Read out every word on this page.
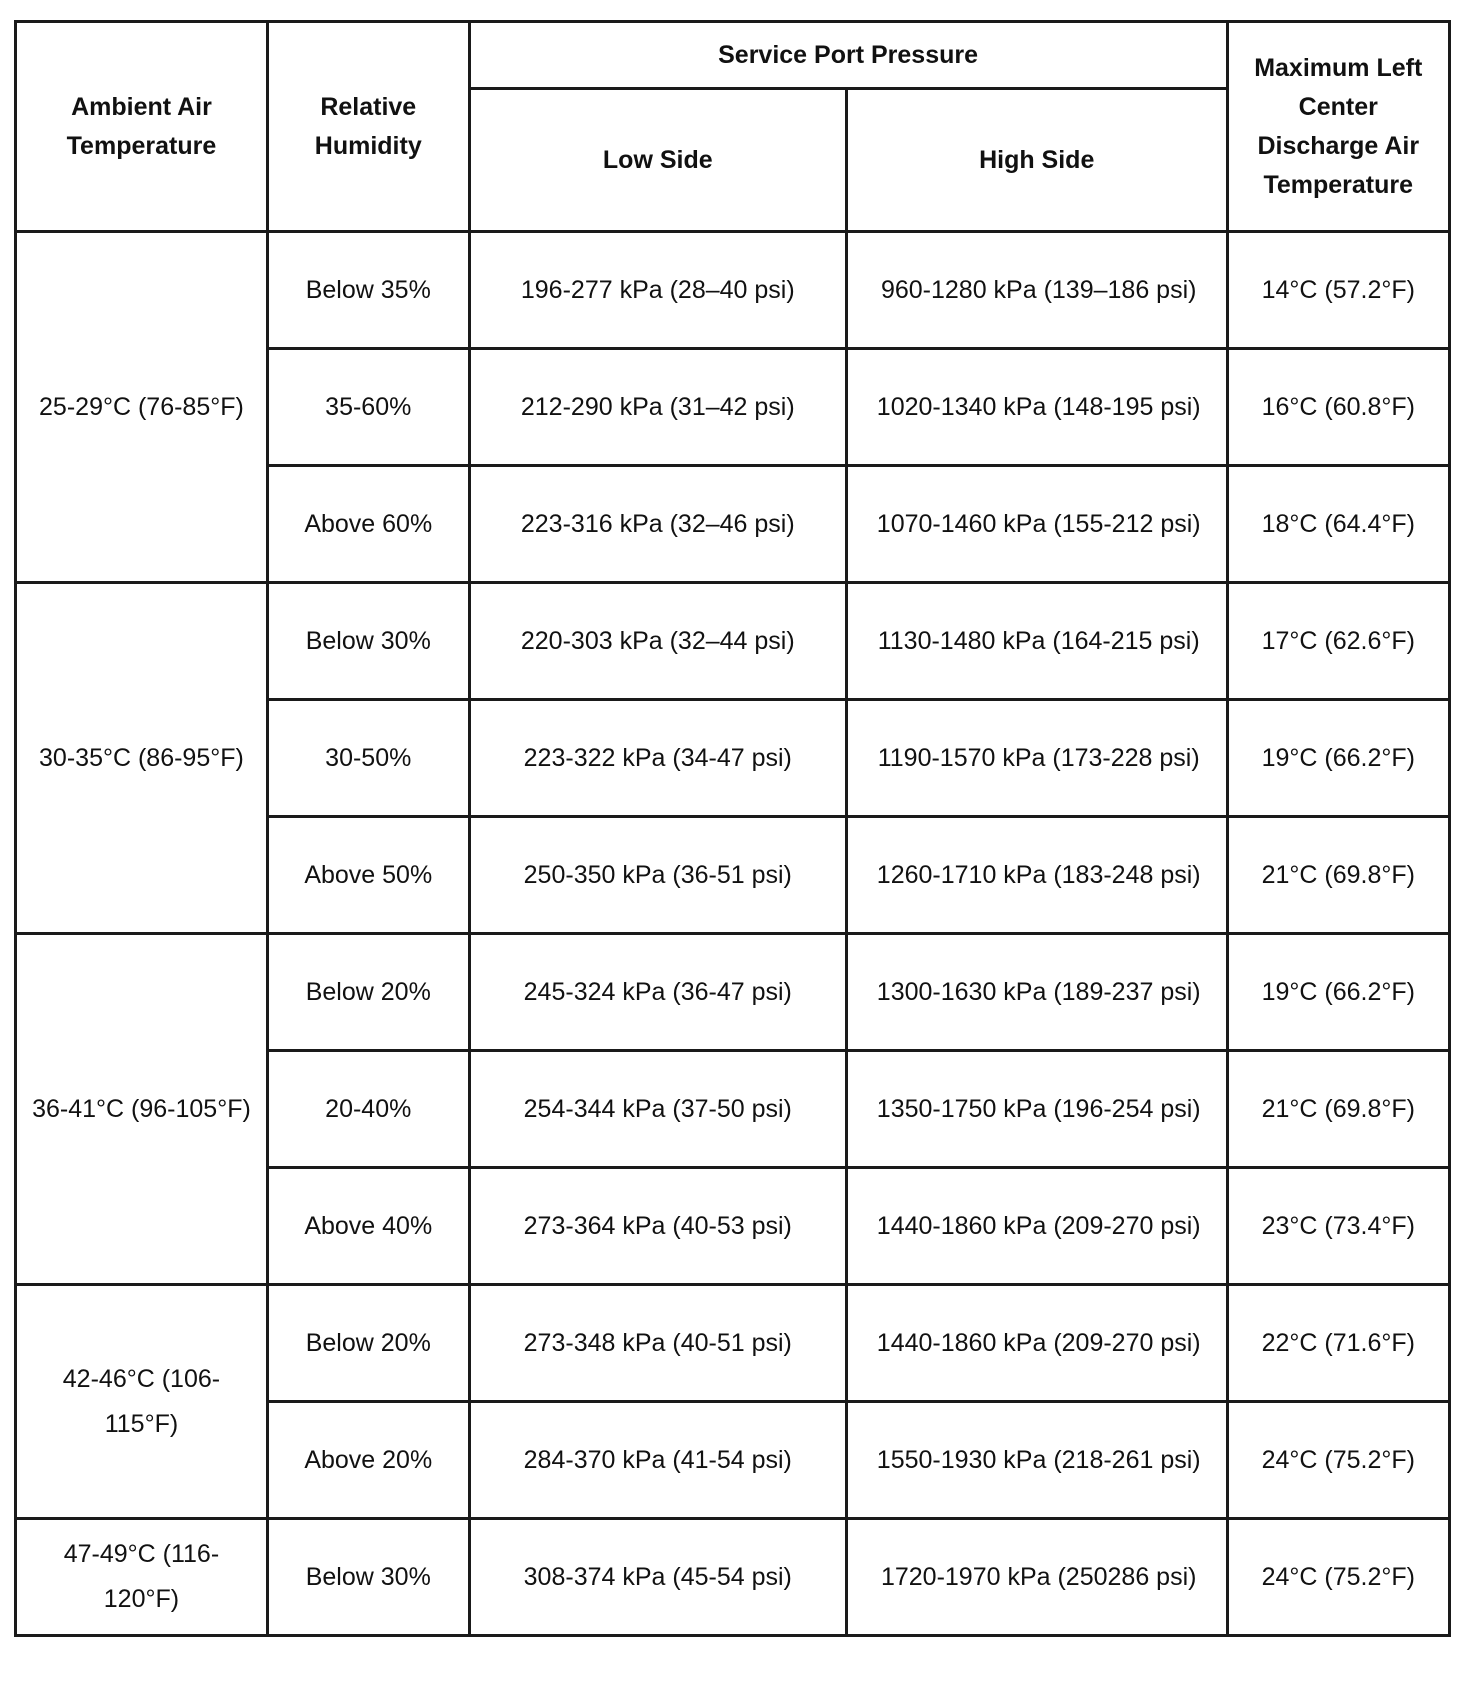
Ambient Air Temperature	Relative Humidity	Service Port Pressure		Maximum Left Center Discharge Air Temperature
		Low Side	High Side	
25-29°C (76-85°F)	Below 35%	196-277 kPa (28–40 psi)	960-1280 kPa (139–186 psi)	14°C (57.2°F)
	35-60%	212-290 kPa (31–42 psi)	1020-1340 kPa (148-195 psi)	16°C (60.8°F)
	Above 60%	223-316 kPa (32–46 psi)	1070-1460 kPa (155-212 psi)	18°C (64.4°F)
30-35°C (86-95°F)	Below 30%	220-303 kPa (32–44 psi)	1130-1480 kPa (164-215 psi)	17°C (62.6°F)
	30-50%	223-322 kPa (34-47 psi)	1190-1570 kPa (173-228 psi)	19°C (66.2°F)
	Above 50%	250-350 kPa (36-51 psi)	1260-1710 kPa (183-248 psi)	21°C (69.8°F)
36-41°C (96-105°F)	Below 20%	245-324 kPa (36-47 psi)	1300-1630 kPa (189-237 psi)	19°C (66.2°F)
	20-40%	254-344 kPa (37-50 psi)	1350-1750 kPa (196-254 psi)	21°C (69.8°F)
	Above 40%	273-364 kPa (40-53 psi)	1440-1860 kPa (209-270 psi)	23°C (73.4°F)
42-46°C (106-115°F)	Below 20%	273-348 kPa (40-51 psi)	1440-1860 kPa (209-270 psi)	22°C (71.6°F)
	Above 20%	284-370 kPa (41-54 psi)	1550-1930 kPa (218-261 psi)	24°C (75.2°F)
47-49°C (116-120°F)	Below 30%	308-374 kPa (45-54 psi)	1720-1970 kPa (250286 psi)	24°C (75.2°F)
